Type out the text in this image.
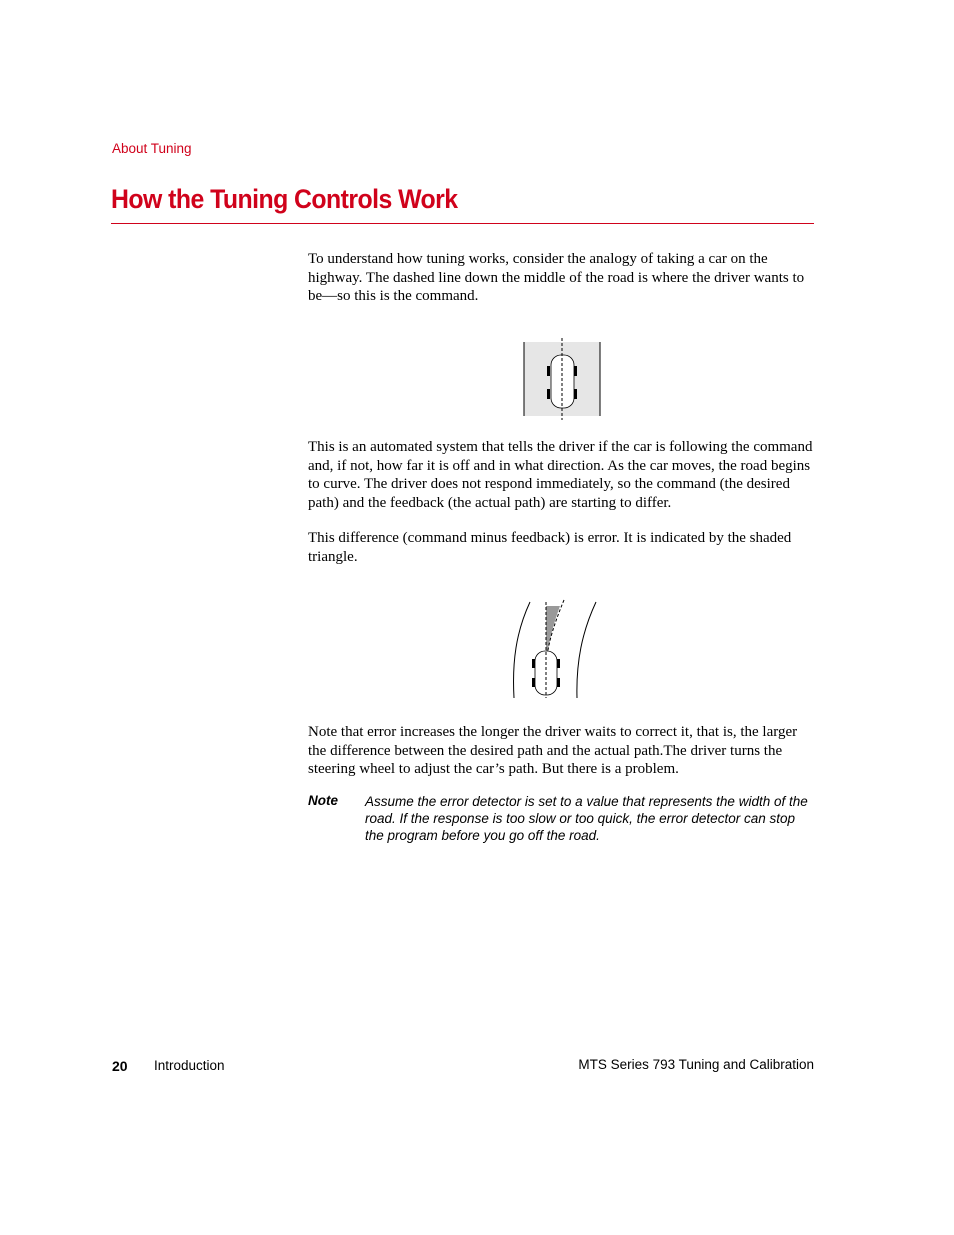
About Tuning
How the Tuning Controls Work

To understand how tuning works, consider the analogy of taking a car on the highway. The dashed line down the middle of the road is where the driver wants to be—so this is the command.

This is an automated system that tells the driver if the car is following the command and, if not, how far it is off and in what direction. As the car moves, the road begins to curve. The driver does not respond immediately, so the command (the desired path) and the feedback (the actual path) are starting to differ.

This difference (command minus feedback) is error. It is indicated by the shaded triangle.

Note that error increases the longer the driver waits to correct it, that is, the larger the difference between the desired path and the actual path.The driver turns the steering wheel to adjust the car’s path. But there is a problem.

Note Assume the error detector is set to a value that represents the width of the road. If the response is too slow or too quick, the error detector can stop the program before you go off the road.

20 Introduction	MTS Series 793 Tuning and Calibration
